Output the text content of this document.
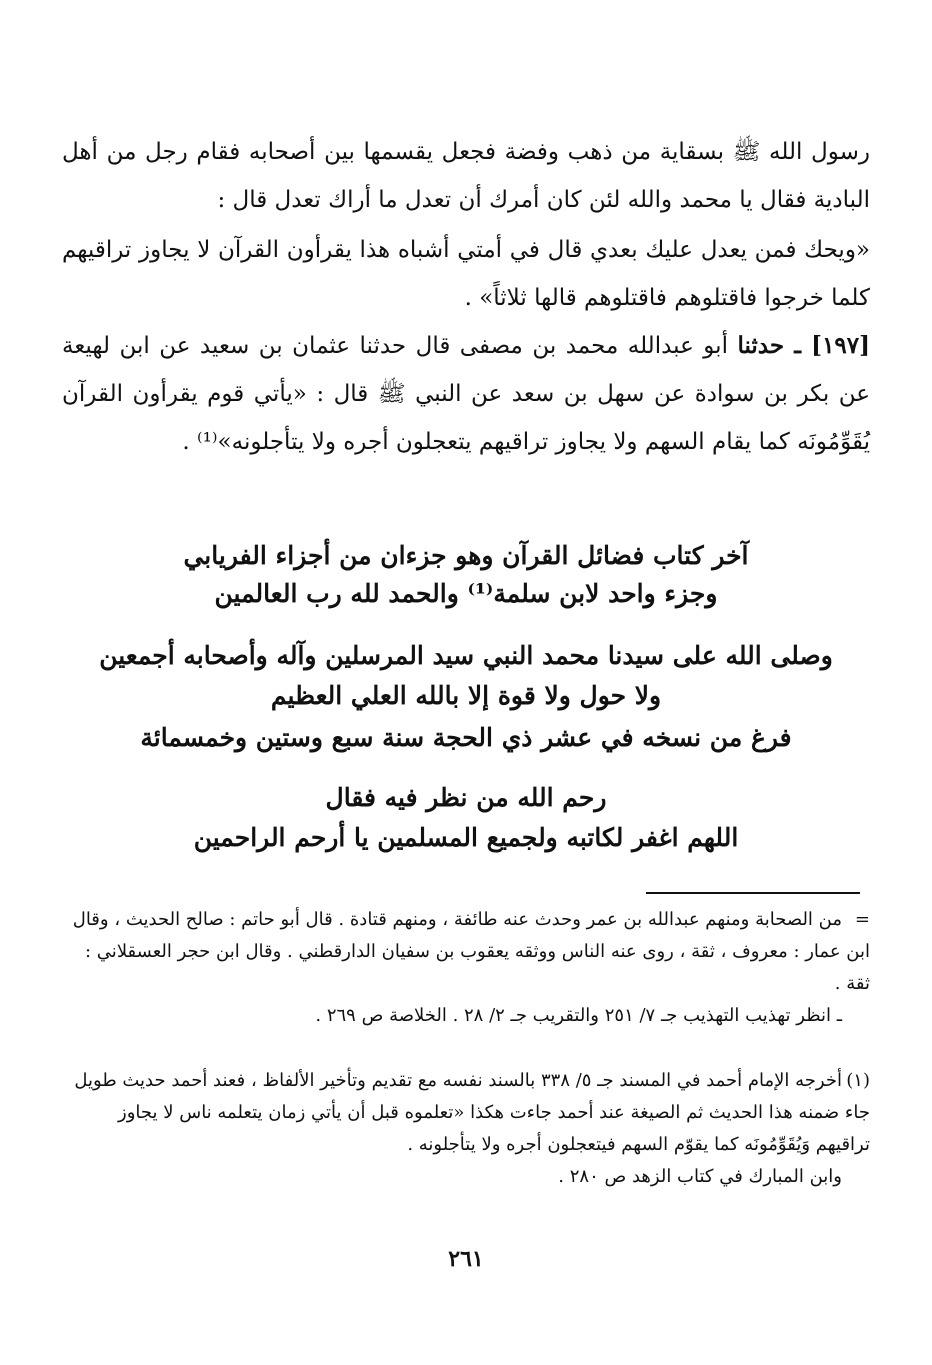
رسول الله ﷺ بسقاية من ذهب وفضة فجعل يقسمها بين أصحابه فقام رجل من أهل البادية فقال يا محمد والله لئن كان أمرك أن تعدل ما أراك تعدل قال :

«ويحك فمن يعدل عليك بعدي قال في أمتي أشباه هذا يقرأون القرآن لا يجاوز تراقيهم كلما خرجوا فاقتلوهم فاقتلوهم قالها ثلاثاً» .

[١٩٧] ـ حدثنا أبو عبدالله محمد بن مصفى قال حدثنا عثمان بن سعيد عن ابن لهيعة عن بكر بن سوادة عن سهل بن سعد عن النبي ﷺ قال : «يأتي قوم يقرأون القرآن يُقَوِّمُونَه كما يقام السهم ولا يجاوز تراقيهم يتعجلون أجره ولا يتأجلونه»⁽¹⁾ .

آخر كتاب فضائل القرآن وهو جزءان من أجزاء الفريابي
وجزء واحد لابن سلمة⁽¹⁾ والحمد لله رب العالمين
وصلى الله على سيدنا محمد النبي سيد المرسلين وآله وأصحابه أجمعين
ولا حول ولا قوة إلا بالله العلي العظيم
فرغ من نسخه في عشر ذي الحجة سنة سبع وستين وخمسمائة
رحم الله من نظر فيه فقال
اللهم اغفر لكاتبه ولجميع المسلمين يا أرحم الراحمين
=من الصحابة ومنهم عبدالله بن عمر وحدث عنه طائفة ، ومنهم قتادة . قال أبو حاتم : صالح الحديث ، وقال ابن عمار : معروف ، ثقة ، روى عنه الناس ووثقه يعقوب بن سفيان الدارقطني . وقال ابن حجر العسقلاني : ثقة .
ـ انظر تهذيب التهذيب جـ ٧/ ٢٥١ والتقريب جـ ٢/ ٢٨ . الخلاصة ص ٢٦٩ .
(١)أخرجه الإمام أحمد في المسند جـ ٥/ ٣٣٨ بالسند نفسه مع تقديم وتأخير الألفاظ ، فعند أحمد حديث طويل جاء ضمنه هذا الحديث ثم الصيغة عند أحمد جاءت هكذا «تعلموه قبل أن يأتي زمان يتعلمه ناس لا يجاوز تراقيهم وَيُقَوِّمُونَه كما يقوّم السهم فيتعجلون أجره ولا يتأجلونه .
وابن المبارك في كتاب الزهد ص ٢٨٠ .
٢٦١
